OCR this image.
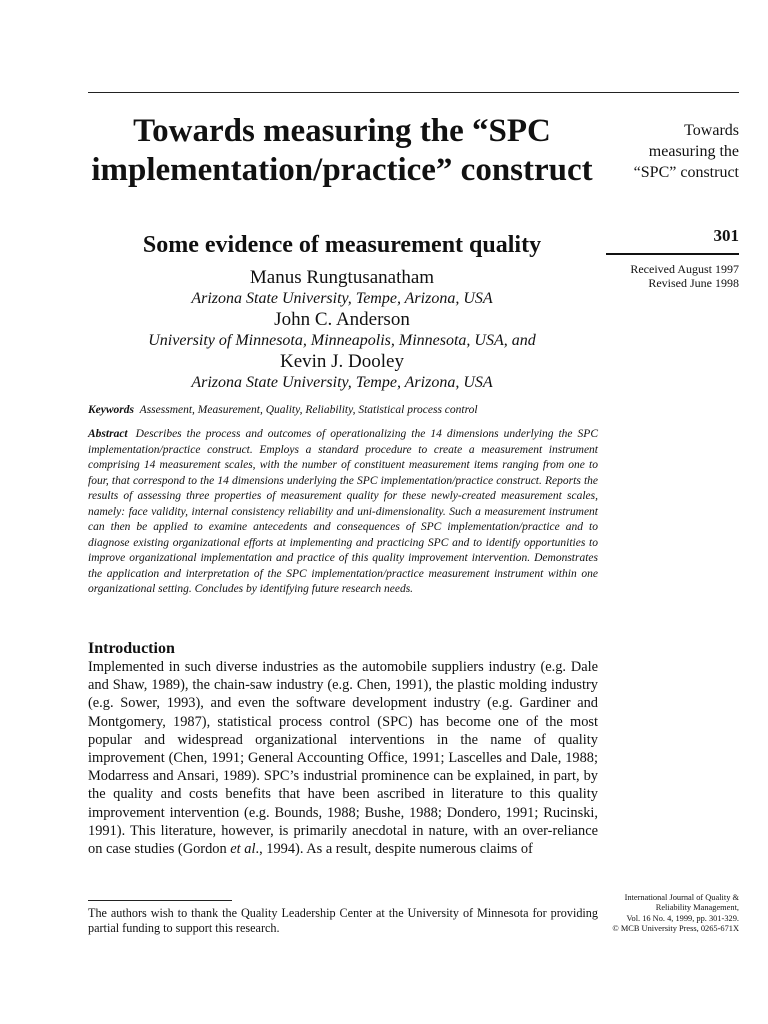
Towards measuring the “SPC implementation/practice” construct
Some evidence of measurement quality
Manus Rungtusanatham
Arizona State University, Tempe, Arizona, USA
John C. Anderson
University of Minnesota, Minneapolis, Minnesota, USA, and
Kevin J. Dooley
Arizona State University, Tempe, Arizona, USA
Keywords Assessment, Measurement, Quality, Reliability, Statistical process control
Abstract Describes the process and outcomes of operationalizing the 14 dimensions underlying the SPC implementation/practice construct. Employs a standard procedure to create a measurement instrument comprising 14 measurement scales, with the number of constituent measurement items ranging from one to four, that correspond to the 14 dimensions underlying the SPC implementation/practice construct. Reports the results of assessing three properties of measurement quality for these newly-created measurement scales, namely: face validity, internal consistency reliability and uni-dimensionality. Such a measurement instrument can then be applied to examine antecedents and consequences of SPC implementation/practice and to diagnose existing organizational efforts at implementing and practicing SPC and to identify opportunities to improve organizational implementation and practice of this quality improvement intervention. Demonstrates the application and interpretation of the SPC implementation/practice measurement instrument within one organizational setting. Concludes by identifying future research needs.
Introduction
Implemented in such diverse industries as the automobile suppliers industry (e.g. Dale and Shaw, 1989), the chain-saw industry (e.g. Chen, 1991), the plastic molding industry (e.g. Sower, 1993), and even the software development industry (e.g. Gardiner and Montgomery, 1987), statistical process control (SPC) has become one of the most popular and widespread organizational interventions in the name of quality improvement (Chen, 1991; General Accounting Office, 1991; Lascelles and Dale, 1988; Modarress and Ansari, 1989). SPC’s industrial prominence can be explained, in part, by the quality and costs benefits that have been ascribed in literature to this quality improvement intervention (e.g. Bounds, 1988; Bushe, 1988; Dondero, 1991; Rucinski, 1991). This literature, however, is primarily anecdotal in nature, with an over-reliance on case studies (Gordon et al., 1994). As a result, despite numerous claims of
The authors wish to thank the Quality Leadership Center at the University of Minnesota for providing partial funding to support this research.
Towards
measuring the
“SPC” construct
301
Received August 1997
Revised June 1998
International Journal of Quality &
Reliability Management,
Vol. 16 No. 4, 1999, pp. 301-329.
© MCB University Press, 0265-671X
